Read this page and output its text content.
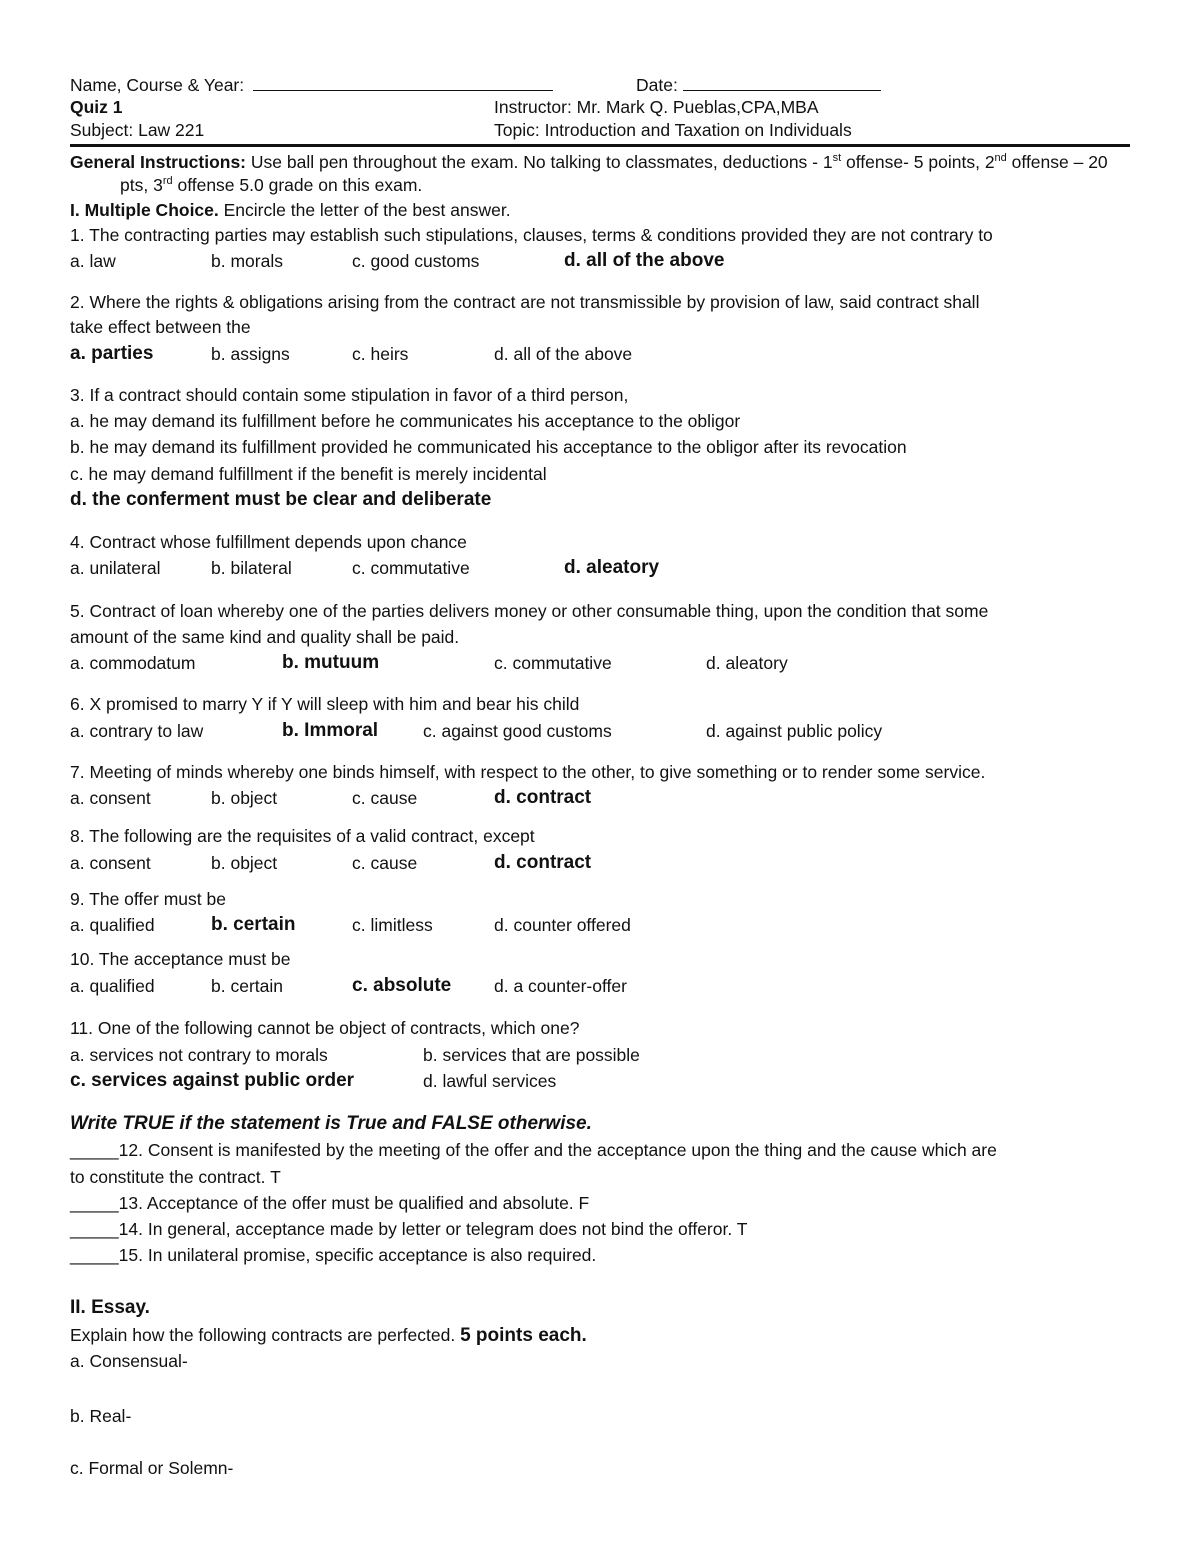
Name, Course & Year:	Date:
Quiz 1	Instructor: Mr. Mark Q. Pueblas,CPA,MBA
Subject: Law 221	Topic: Introduction and Taxation on Individuals
General Instructions: Use ball pen throughout the exam. No talking to classmates, deductions - 1st offense- 5 points, 2nd offense – 20
pts, 3rd offense 5.0 grade on this exam.
I. Multiple Choice. Encircle the letter of the best answer.
1. The contracting parties may establish such stipulations, clauses, terms & conditions provided they are not contrary to
a. law	b. morals	c. good customs	d. all of the above
2. Where the rights & obligations arising from the contract are not transmissible by provision of law, said contract shall
take effect between the
a. parties	b. assigns	c. heirs	d. all of the above
3. If a contract should contain some stipulation in favor of a third person,
a. he may demand its fulfillment before he communicates his acceptance to the obligor
b. he may demand its fulfillment provided he communicated his acceptance to the obligor after its revocation
c. he may demand fulfillment if the benefit is merely incidental
d. the conferment must be clear and deliberate
4. Contract whose fulfillment depends upon chance
a. unilateral	b. bilateral	c. commutative	d. aleatory
5. Contract of loan whereby one of the parties delivers money or other consumable thing, upon the condition that some
amount of the same kind and quality shall be paid.
a. commodatum	b. mutuum	c. commutative	d. aleatory
6. X promised to marry Y if Y will sleep with him and bear his child
a. contrary to law	b. Immoral	c. against good customs	d. against public policy
7. Meeting of minds whereby one binds himself, with respect to the other, to give something or to render some service.
a. consent	b. object	c. cause	d. contract
8. The following are the requisites of a valid contract, except
a. consent	b. object	c. cause	d. contract
9. The offer must be
a. qualified	b. certain	c. limitless	d. counter offered
10. The acceptance must be
a. qualified	b. certain	c. absolute d. a counter-offer
11. One of the following cannot be object of contracts, which one?
a. services not contrary to morals	b. services that are possible
c. services against public order	d. lawful services
Write TRUE if the statement is True and FALSE otherwise.
_____12. Consent is manifested by the meeting of the offer and the acceptance upon the thing and the cause which are
to constitute the contract. T
_____13. Acceptance of the offer must be qualified and absolute. F
_____14. In general, acceptance made by letter or telegram does not bind the offeror. T
_____15. In unilateral promise, specific acceptance is also required.
II. Essay.
Explain how the following contracts are perfected. 5 points each.
a. Consensual-
b. Real-
c. Formal or Solemn-
